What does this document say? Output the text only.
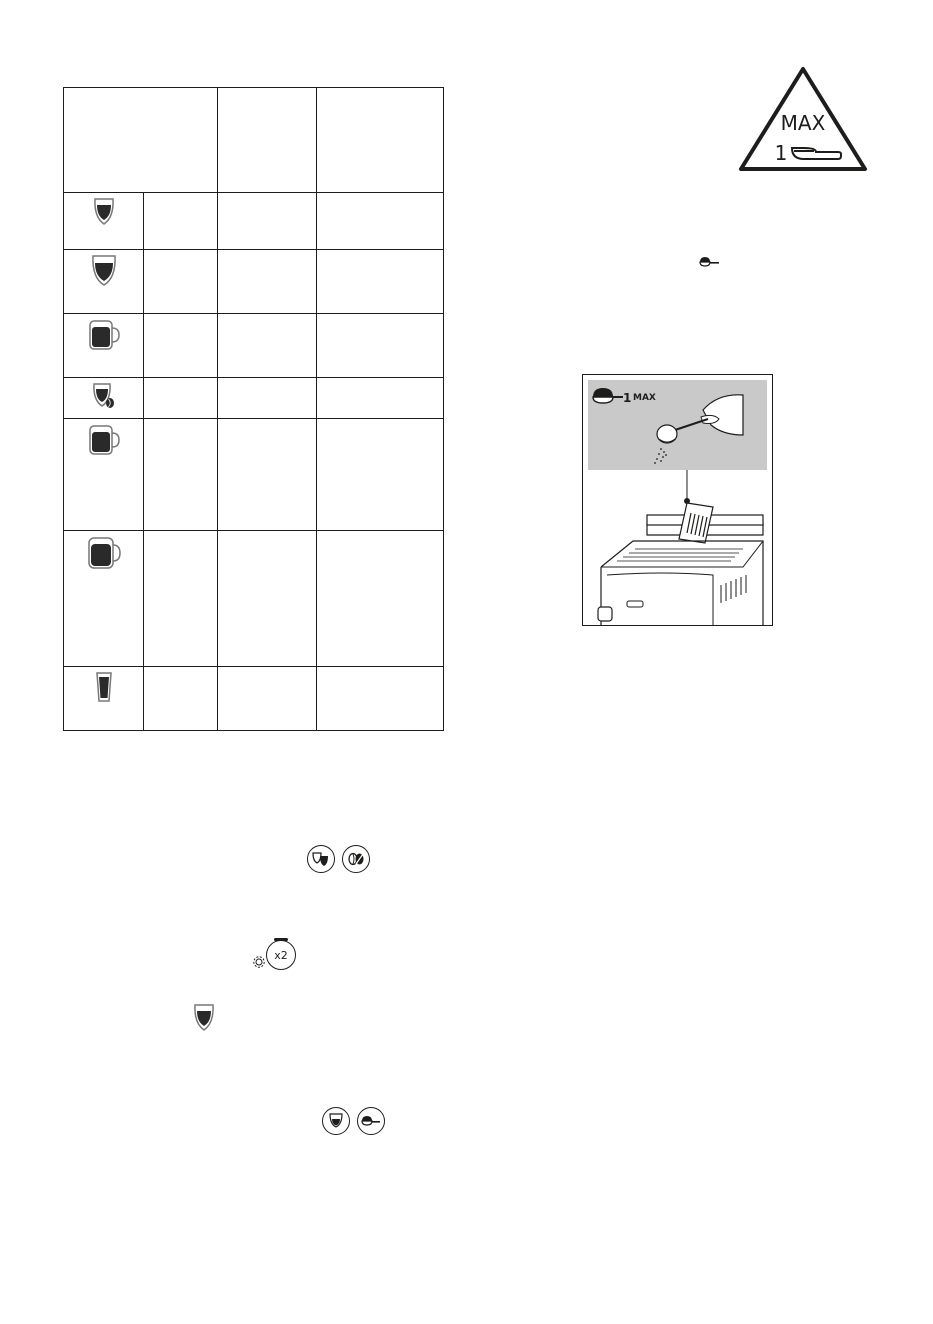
x2
MAX
1
1 MAX
